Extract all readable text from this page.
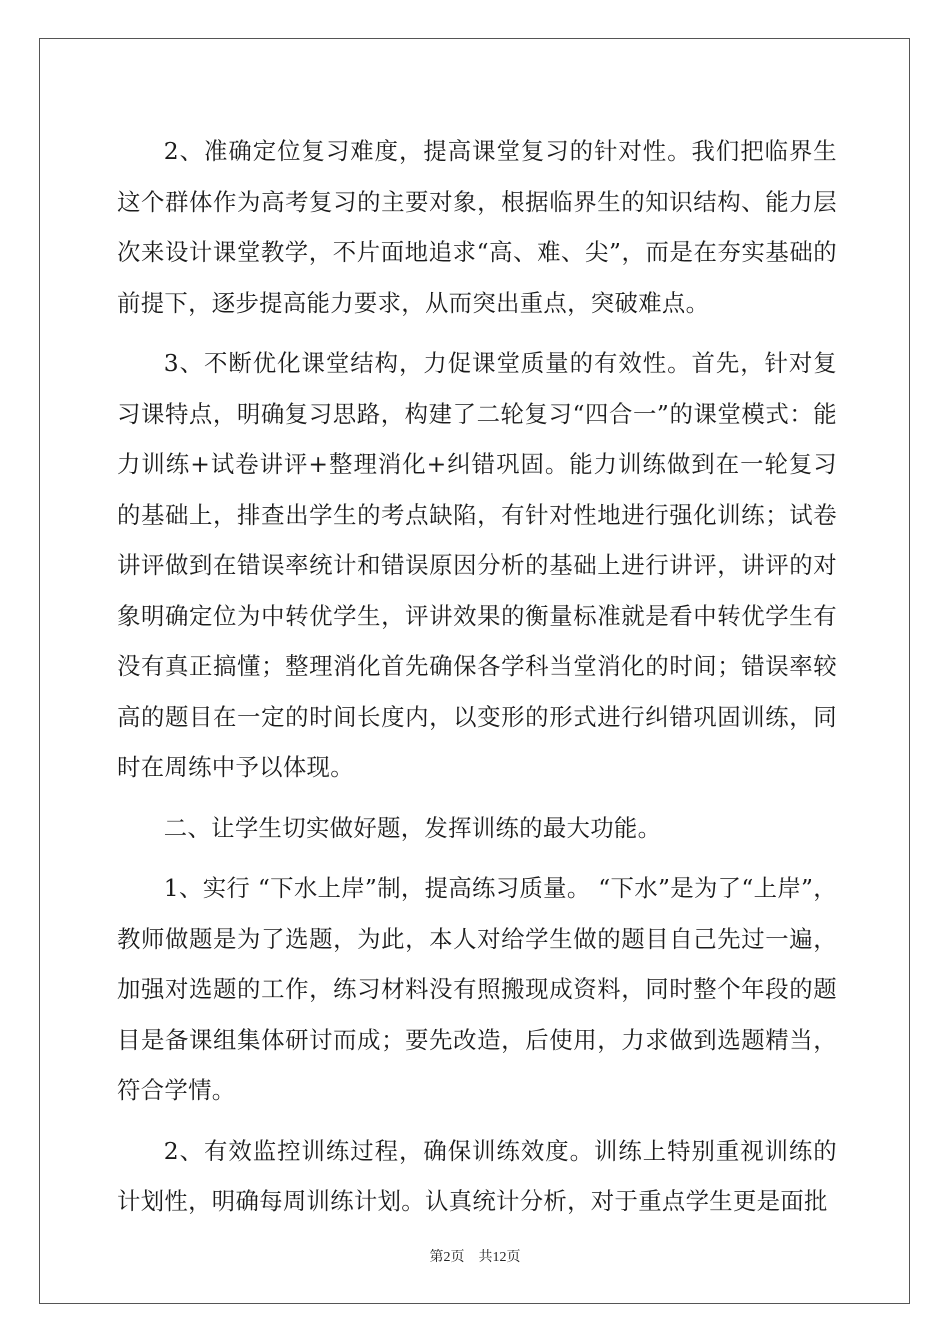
2、准确定位复习难度，提高课堂复习的针对性。我们把临界生这个群体作为高考复习的主要对象，根据临界生的知识结构、能力层次来设计课堂教学，不片面地追求“高、难、尖”，而是在夯实基础的前提下，逐步提高能力要求，从而突出重点，突破难点。

3、不断优化课堂结构，力促课堂质量的有效性。首先，针对复习课特点，明确复习思路，构建了二轮复习“四合一”的课堂模式：能力训练+试卷讲评+整理消化+纠错巩固。能力训练做到在一轮复习的基础上，排查出学生的考点缺陷，有针对性地进行强化训练；试卷讲评做到在错误率统计和错误原因分析的基础上进行讲评，讲评的对象明确定位为中转优学生，评讲效果的衡量标准就是看中转优学生有没有真正搞懂；整理消化首先确保各学科当堂消化的时间；错误率较高的题目在一定的时间长度内，以变形的形式进行纠错巩固训练，同时在周练中予以体现。

二、让学生切实做好题，发挥训练的最大功能。

1、实行 “下水上岸”制，提高练习质量。 “下水”是为了“上岸”，教师做题是为了选题，为此，本人对给学生做的题目自己先过一遍，加强对选题的工作，练习材料没有照搬现成资料，同时整个年段的题目是备课组集体研讨而成；要先改造，后使用，力求做到选题精当，符合学情。

2、有效监控训练过程，确保训练效度。训练上特别重视训练的计划性，明确每周训练计划。认真统计分析，对于重点学生更是面批

第2页 共12页
